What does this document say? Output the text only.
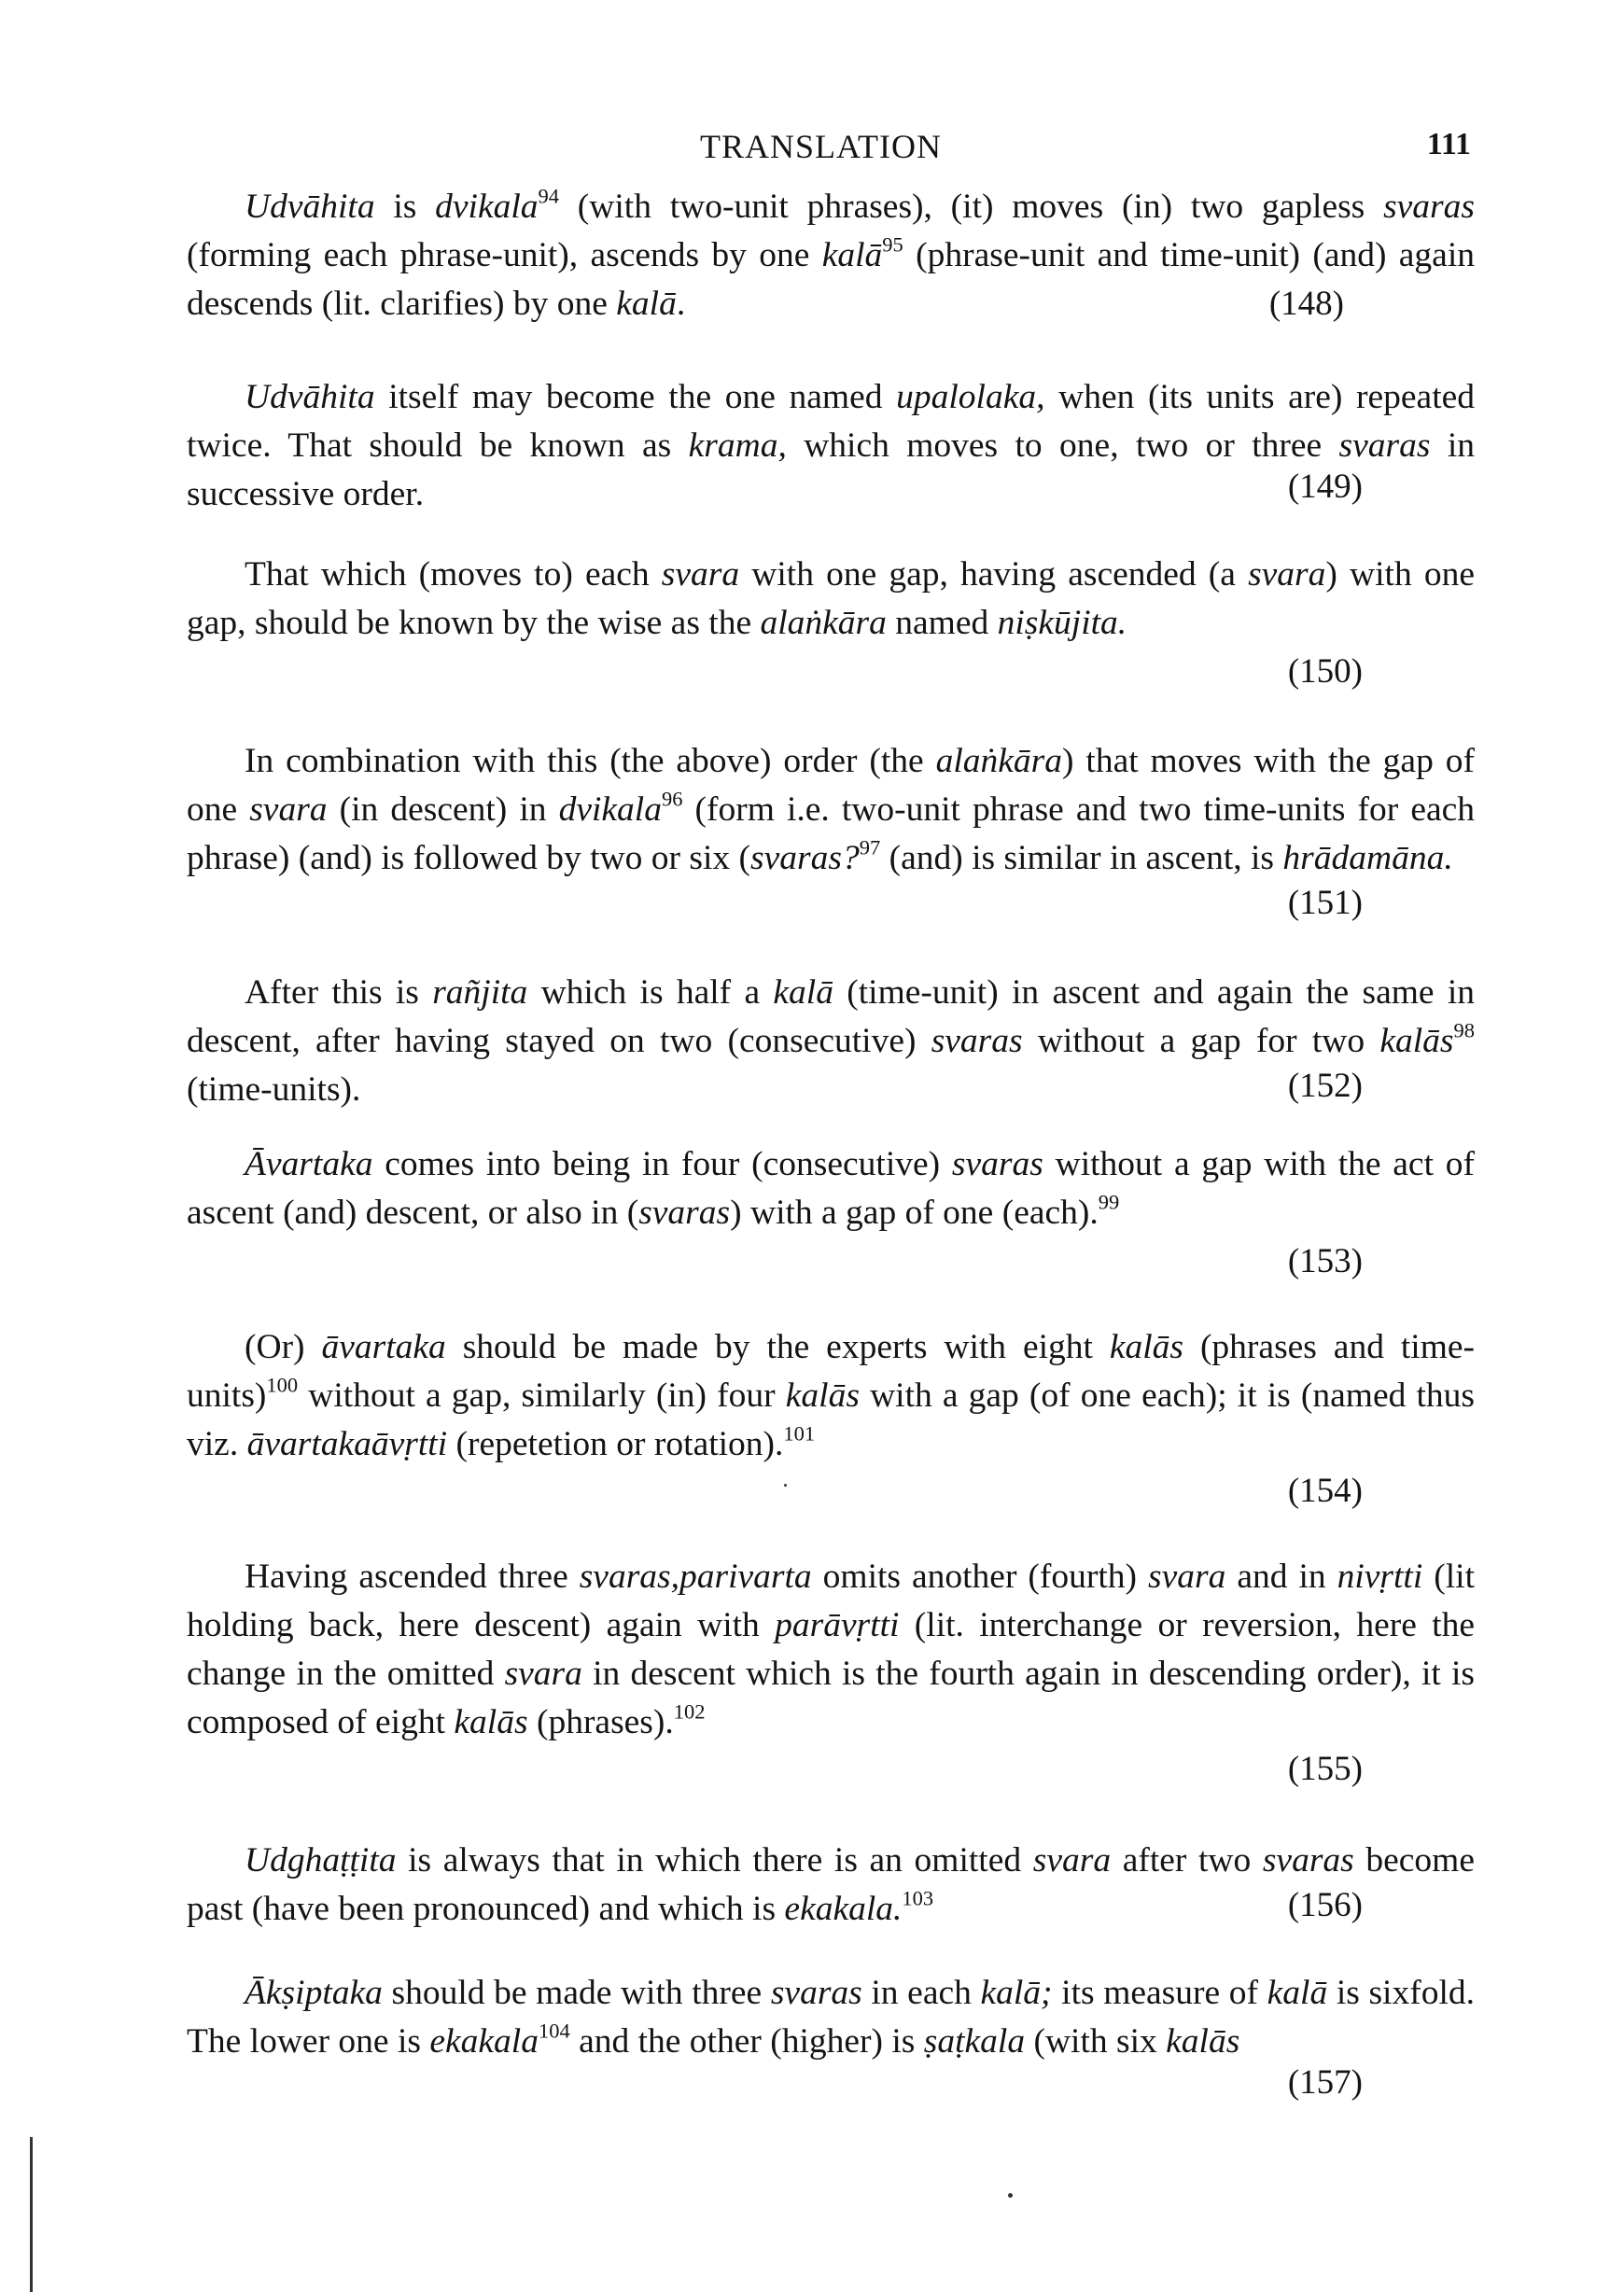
TRANSLATION	111

Udvāhita is dvikala$^{94}$ (with two-unit phrases), (it) moves (in) two gapless svaras (forming each phrase-unit), ascends by one kalā$^{95}$ (phrase-unit and time-unit) (and) again descends (lit. clarifies) by one kalā.	(148)

Udvāhita itself may become the one named upalolaka, when (its units are) repeated twice. That should be known as krama, which moves to one, two or three svaras in successive order.	(149)

That which (moves to) each svara with one gap, having ascended (a svara) with one gap, should be known by the wise as the alaṅkāra named niṣkūjita.

(150)

In combination with this (the above) order (the alaṅkāra) that moves with the gap of one svara (in descent) in dvikala$^{96}$ (form i.e. two-unit phrase and two time-units for each phrase) (and) is followed by two or six (svaras?$^{97}$ (and) is similar in ascent, is hrādamāna.

(151)

After this is rañjita which is half a kalā (time-unit) in ascent and again the same in descent, after having stayed on two (consecutive) svaras without a gap for two kalās$^{98}$ (time-units).	(152)

Āvartaka comes into being in four (consecutive) svaras without a gap with the act of ascent (and) descent, or also in (svaras) with a gap of one (each).$^{99}$

(153)

(Or) āvartaka should be made by the experts with eight kalās (phrases and time-units)$^{100}$ without a gap, similarly (in) four kalās with a gap (of one each); it is (named thus viz. āvartakaāvṛtti (repetetion or rotation).$^{101}$

(154)

Having ascended three svaras,parivarta omits another (fourth) svara and in nivṛtti (lit holding back, here descent) again with parāvṛtti (lit. interchange or reversion, here the change in the omitted svara in descent which is the fourth again in descending order), it is composed of eight kalās (phrases).$^{102}$

(155)

Udghaṭṭita is always that in which there is an omitted svara after two svaras become past (have been pronounced) and which is ekakala.$^{103}$	(156)

Ākṣiptaka should be made with three svaras in each kalā; its measure of kalā is sixfold. The lower one is ekakala$^{104}$ and the other (higher) is ṣaṭkala (with six kalās

(157)
